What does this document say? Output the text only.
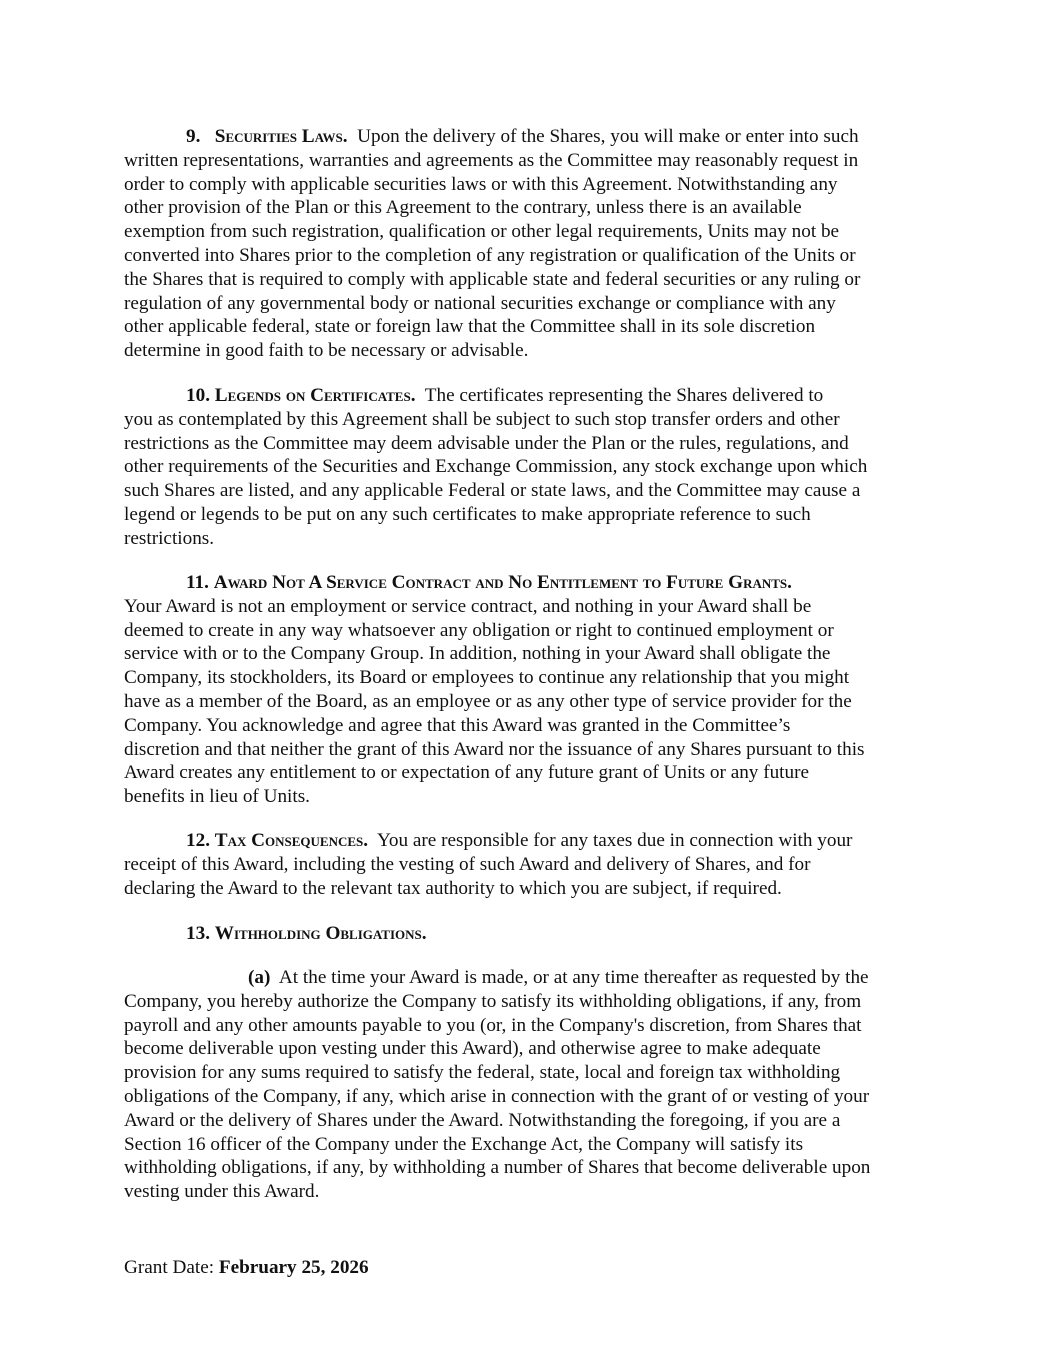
9. Securities Laws. Upon the delivery of the Shares, you will make or enter into such
written representations, warranties and agreements as the Committee may reasonably request in
order to comply with applicable securities laws or with this Agreement. Notwithstanding any
other provision of the Plan or this Agreement to the contrary, unless there is an available
exemption from such registration, qualification or other legal requirements, Units may not be
converted into Shares prior to the completion of any registration or qualification of the Units or
the Shares that is required to comply with applicable state and federal securities or any ruling or
regulation of any governmental body or national securities exchange or compliance with any
other applicable federal, state or foreign law that the Committee shall in its sole discretion
determine in good faith to be necessary or advisable.
10. Legends on Certificates. The certificates representing the Shares delivered to
you as contemplated by this Agreement shall be subject to such stop transfer orders and other
restrictions as the Committee may deem advisable under the Plan or the rules, regulations, and
other requirements of the Securities and Exchange Commission, any stock exchange upon which
such Shares are listed, and any applicable Federal or state laws, and the Committee may cause a
legend or legends to be put on any such certificates to make appropriate reference to such
restrictions.
11. Award Not A Service Contract and No Entitlement to Future Grants.
Your Award is not an employment or service contract, and nothing in your Award shall be
deemed to create in any way whatsoever any obligation or right to continued employment or
service with or to the Company Group. In addition, nothing in your Award shall obligate the
Company, its stockholders, its Board or employees to continue any relationship that you might
have as a member of the Board, as an employee or as any other type of service provider for the
Company. You acknowledge and agree that this Award was granted in the Committee’s
discretion and that neither the grant of this Award nor the issuance of any Shares pursuant to this
Award creates any entitlement to or expectation of any future grant of Units or any future
benefits in lieu of Units.
12. Tax Consequences. You are responsible for any taxes due in connection with your
receipt of this Award, including the vesting of such Award and delivery of Shares, and for
declaring the Award to the relevant tax authority to which you are subject, if required.
13. Withholding Obligations.
(a) At the time your Award is made, or at any time thereafter as requested by the
Company, you hereby authorize the Company to satisfy its withholding obligations, if any, from
payroll and any other amounts payable to you (or, in the Company's discretion, from Shares that
become deliverable upon vesting under this Award), and otherwise agree to make adequate
provision for any sums required to satisfy the federal, state, local and foreign tax withholding
obligations of the Company, if any, which arise in connection with the grant of or vesting of your
Award or the delivery of Shares under the Award. Notwithstanding the foregoing, if you are a
Section 16 officer of the Company under the Exchange Act, the Company will satisfy its
withholding obligations, if any, by withholding a number of Shares that become deliverable upon
vesting under this Award.
Grant Date: February 25, 2026
